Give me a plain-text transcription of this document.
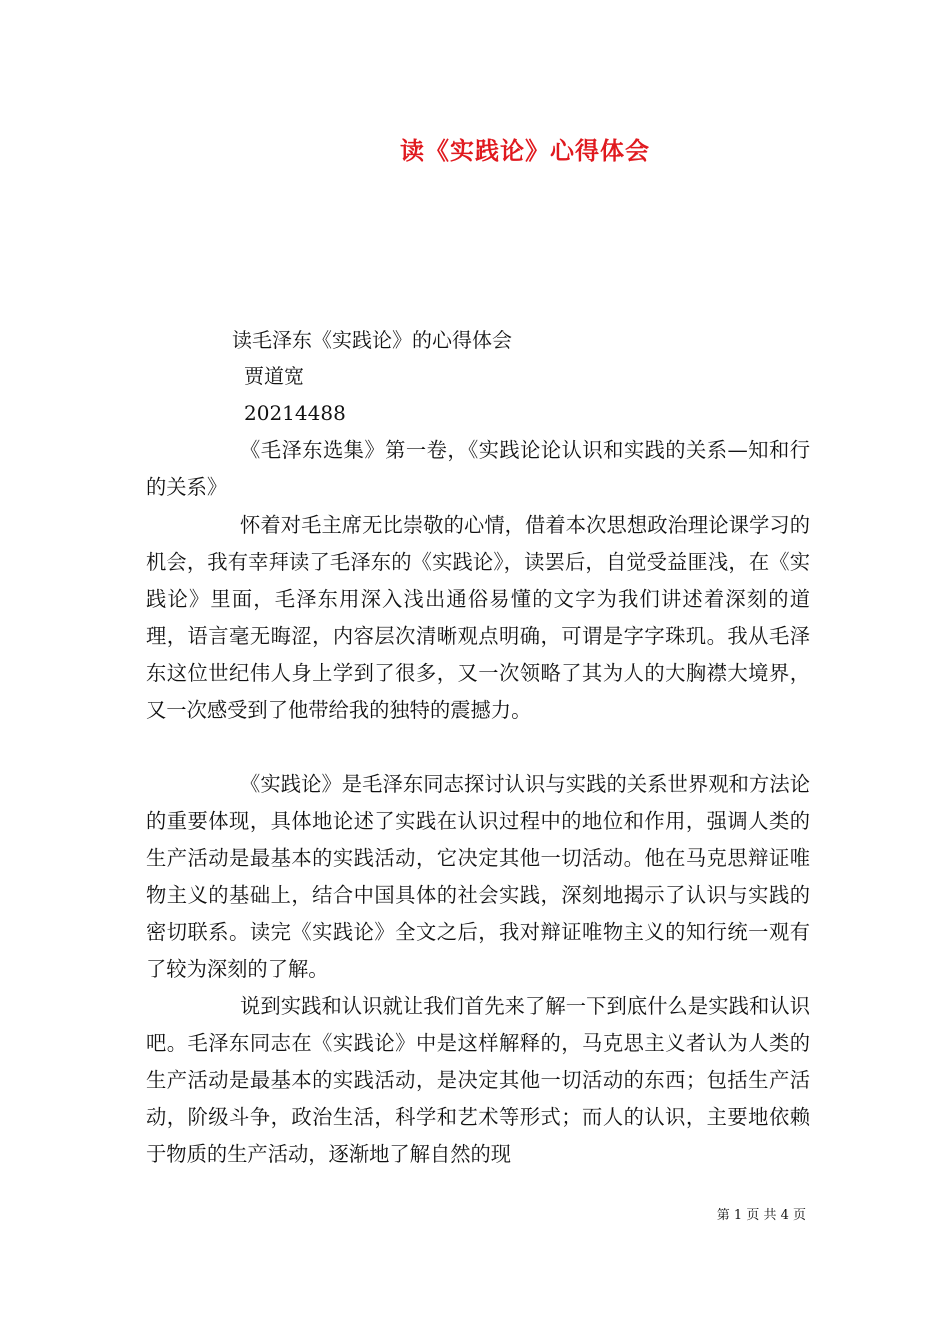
读《实践论》心得体会

读毛泽东《实践论》的心得体会

贾道宽

20214488

《毛泽东选集》第一卷，《实践论论认识和实践的关系—知和行的关系》

怀着对毛主席无比崇敬的心情，借着本次思想政治理论课学习的机会，我有幸拜读了毛泽东的《实践论》，读罢后，自觉受益匪浅，在《实践论》里面，毛泽东用深入浅出通俗易懂的文字为我们讲述着深刻的道理，语言毫无晦涩，内容层次清晰观点明确，可谓是字字珠玑。我从毛泽东这位世纪伟人身上学到了很多，又一次领略了其为人的大胸襟大境界，又一次感受到了他带给我的独特的震撼力。

《实践论》是毛泽东同志探讨认识与实践的关系世界观和方法论的重要体现，具体地论述了实践在认识过程中的地位和作用，强调人类的生产活动是最基本的实践活动，它决定其他一切活动。他在马克思辩证唯物主义的基础上，结合中国具体的社会实践，深刻地揭示了认识与实践的密切联系。读完《实践论》全文之后，我对辩证唯物主义的知行统一观有了较为深刻的了解。

说到实践和认识就让我们首先来了解一下到底什么是实践和认识吧。毛泽东同志在《实践论》中是这样解释的，马克思主义者认为人类的生产活动是最基本的实践活动，是决定其他一切活动的东西；包括生产活动，阶级斗争，政治生活，科学和艺术等形式；而人的认识，主要地依赖于物质的生产活动，逐渐地了解自然的现

第 1 页 共 4 页
